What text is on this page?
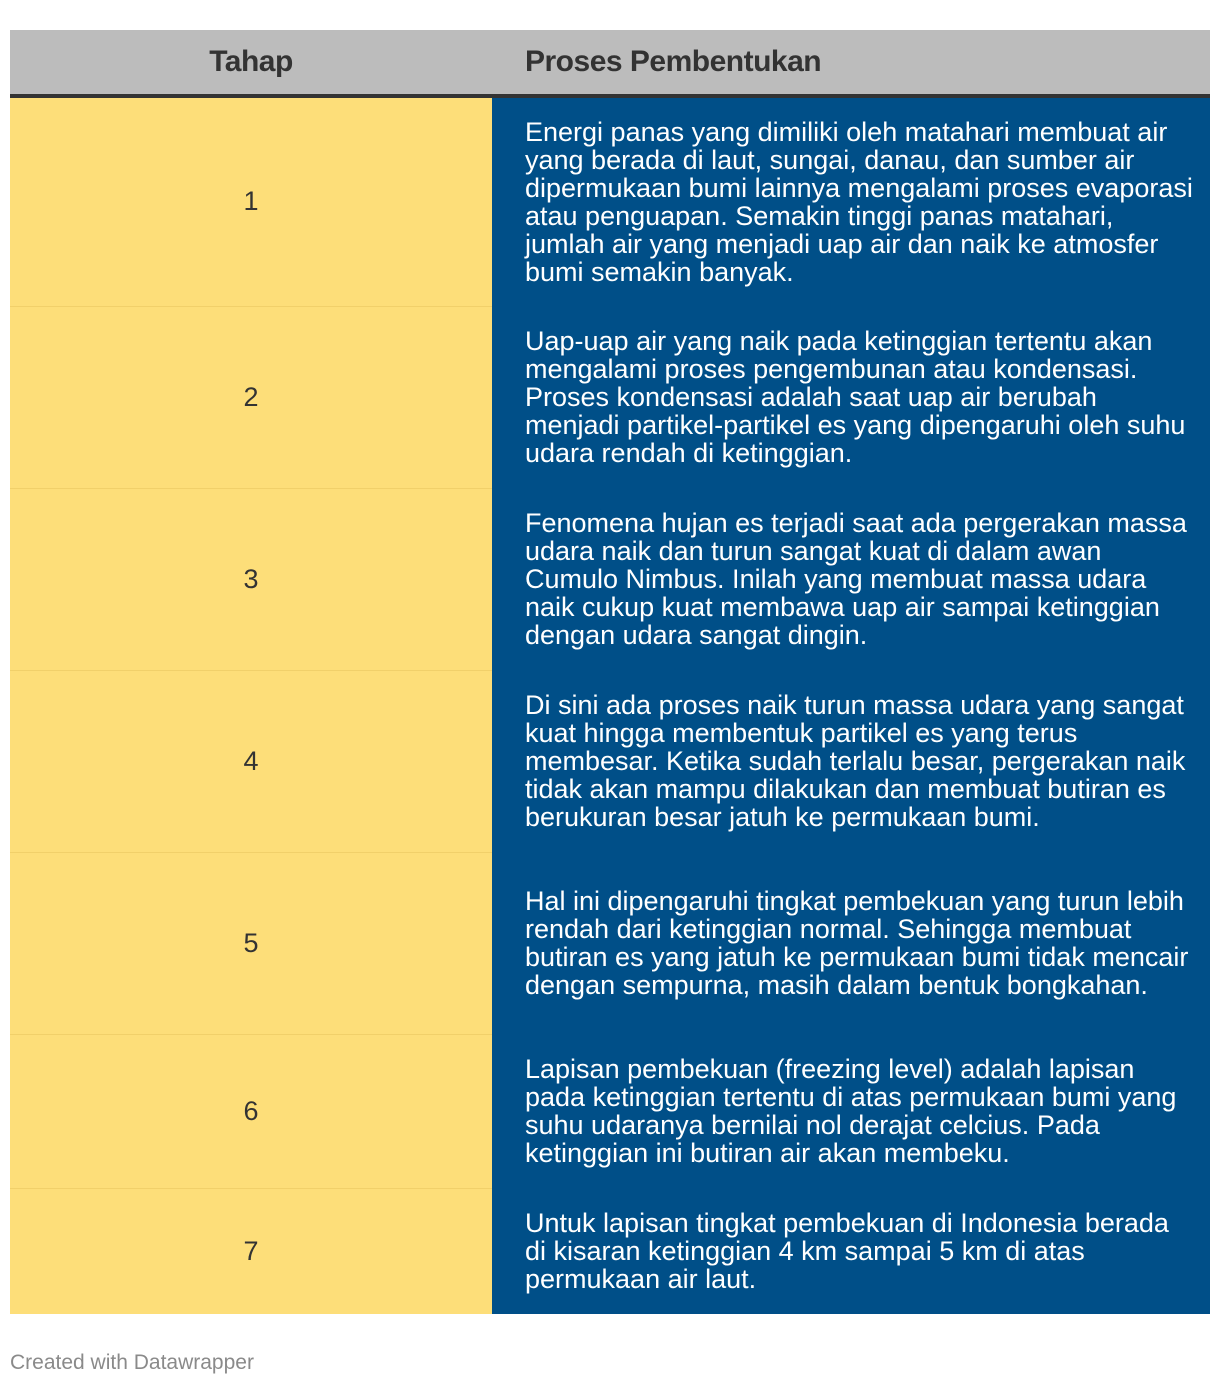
Tahap	Proses Pembentukan
1	Energi panas yang dimiliki oleh matahari membuat air yang berada di laut, sungai, danau, dan sumber air dipermukaan bumi lainnya mengalami proses evaporasi atau penguapan. Semakin tinggi panas matahari, jumlah air yang menjadi uap air dan naik ke atmosfer bumi semakin banyak.
2	Uap-uap air yang naik pada ketinggian tertentu akan mengalami proses pengembunan atau kondensasi. Proses kondensasi adalah saat uap air berubah menjadi partikel-partikel es yang dipengaruhi oleh suhu udara rendah di ketinggian.
3	Fenomena hujan es terjadi saat ada pergerakan massa udara naik dan turun sangat kuat di dalam awan Cumulo Nimbus. Inilah yang membuat massa udara naik cukup kuat membawa uap air sampai ketinggian dengan udara sangat dingin.
4	Di sini ada proses naik turun massa udara yang sangat kuat hingga membentuk partikel es yang terus membesar. Ketika sudah terlalu besar, pergerakan naik tidak akan mampu dilakukan dan membuat butiran es berukuran besar jatuh ke permukaan bumi.
5	Hal ini dipengaruhi tingkat pembekuan yang turun lebih rendah dari ketinggian normal. Sehingga membuat butiran es yang jatuh ke permukaan bumi tidak mencair dengan sempurna, masih dalam bentuk bongkahan.
6	Lapisan pembekuan (freezing level) adalah lapisan pada ketinggian tertentu di atas permukaan bumi yang suhu udaranya bernilai nol derajat celcius. Pada ketinggian ini butiran air akan membeku.
7	Untuk lapisan tingkat pembekuan di Indonesia berada di kisaran ketinggian 4 km sampai 5 km di atas permukaan air laut.
Created with Datawrapper
